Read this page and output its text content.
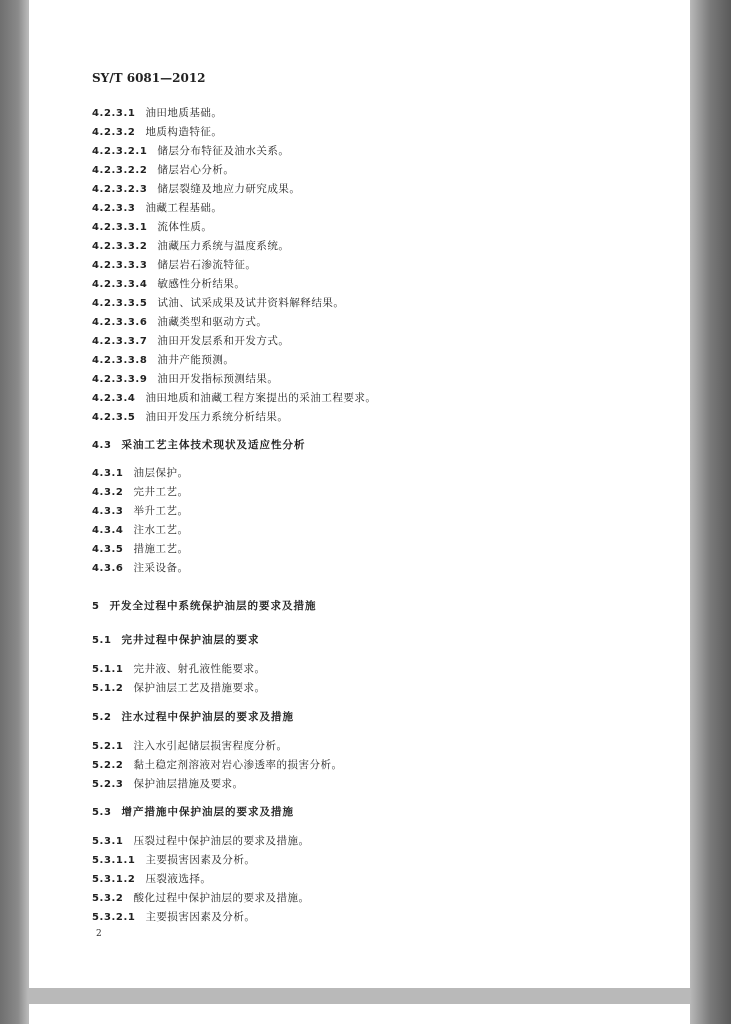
SY/T 6081—2012

4.2.3.1 油田地质基础。

4.2.3.2 地质构造特征。

4.2.3.2.1 储层分布特征及油水关系。

4.2.3.2.2 储层岩心分析。

4.2.3.2.3 储层裂缝及地应力研究成果。

4.2.3.3 油藏工程基础。

4.2.3.3.1 流体性质。

4.2.3.3.2 油藏压力系统与温度系统。

4.2.3.3.3 储层岩石渗流特征。

4.2.3.3.4 敏感性分析结果。

4.2.3.3.5 试油、试采成果及试井资料解释结果。

4.2.3.3.6 油藏类型和驱动方式。

4.2.3.3.7 油田开发层系和开发方式。

4.2.3.3.8 油井产能预测。

4.2.3.3.9 油田开发指标预测结果。

4.2.3.4 油田地质和油藏工程方案提出的采油工程要求。

4.2.3.5 油田开发压力系统分析结果。

4.3 采油工艺主体技术现状及适应性分析

4.3.1 油层保护。

4.3.2 完井工艺。

4.3.3 举升工艺。

4.3.4 注水工艺。

4.3.5 措施工艺。

4.3.6 注采设备。

5 开发全过程中系统保护油层的要求及措施

5.1 完井过程中保护油层的要求

5.1.1 完井液、射孔液性能要求。

5.1.2 保护油层工艺及措施要求。

5.2 注水过程中保护油层的要求及措施

5.2.1 注入水引起储层损害程度分析。

5.2.2 黏土稳定剂溶液对岩心渗透率的损害分析。

5.2.3 保护油层措施及要求。

5.3 增产措施中保护油层的要求及措施

5.3.1 压裂过程中保护油层的要求及措施。

5.3.1.1 主要损害因素及分析。

5.3.1.2 压裂液选择。

5.3.2 酸化过程中保护油层的要求及措施。

5.3.2.1 主要损害因素及分析。

2
